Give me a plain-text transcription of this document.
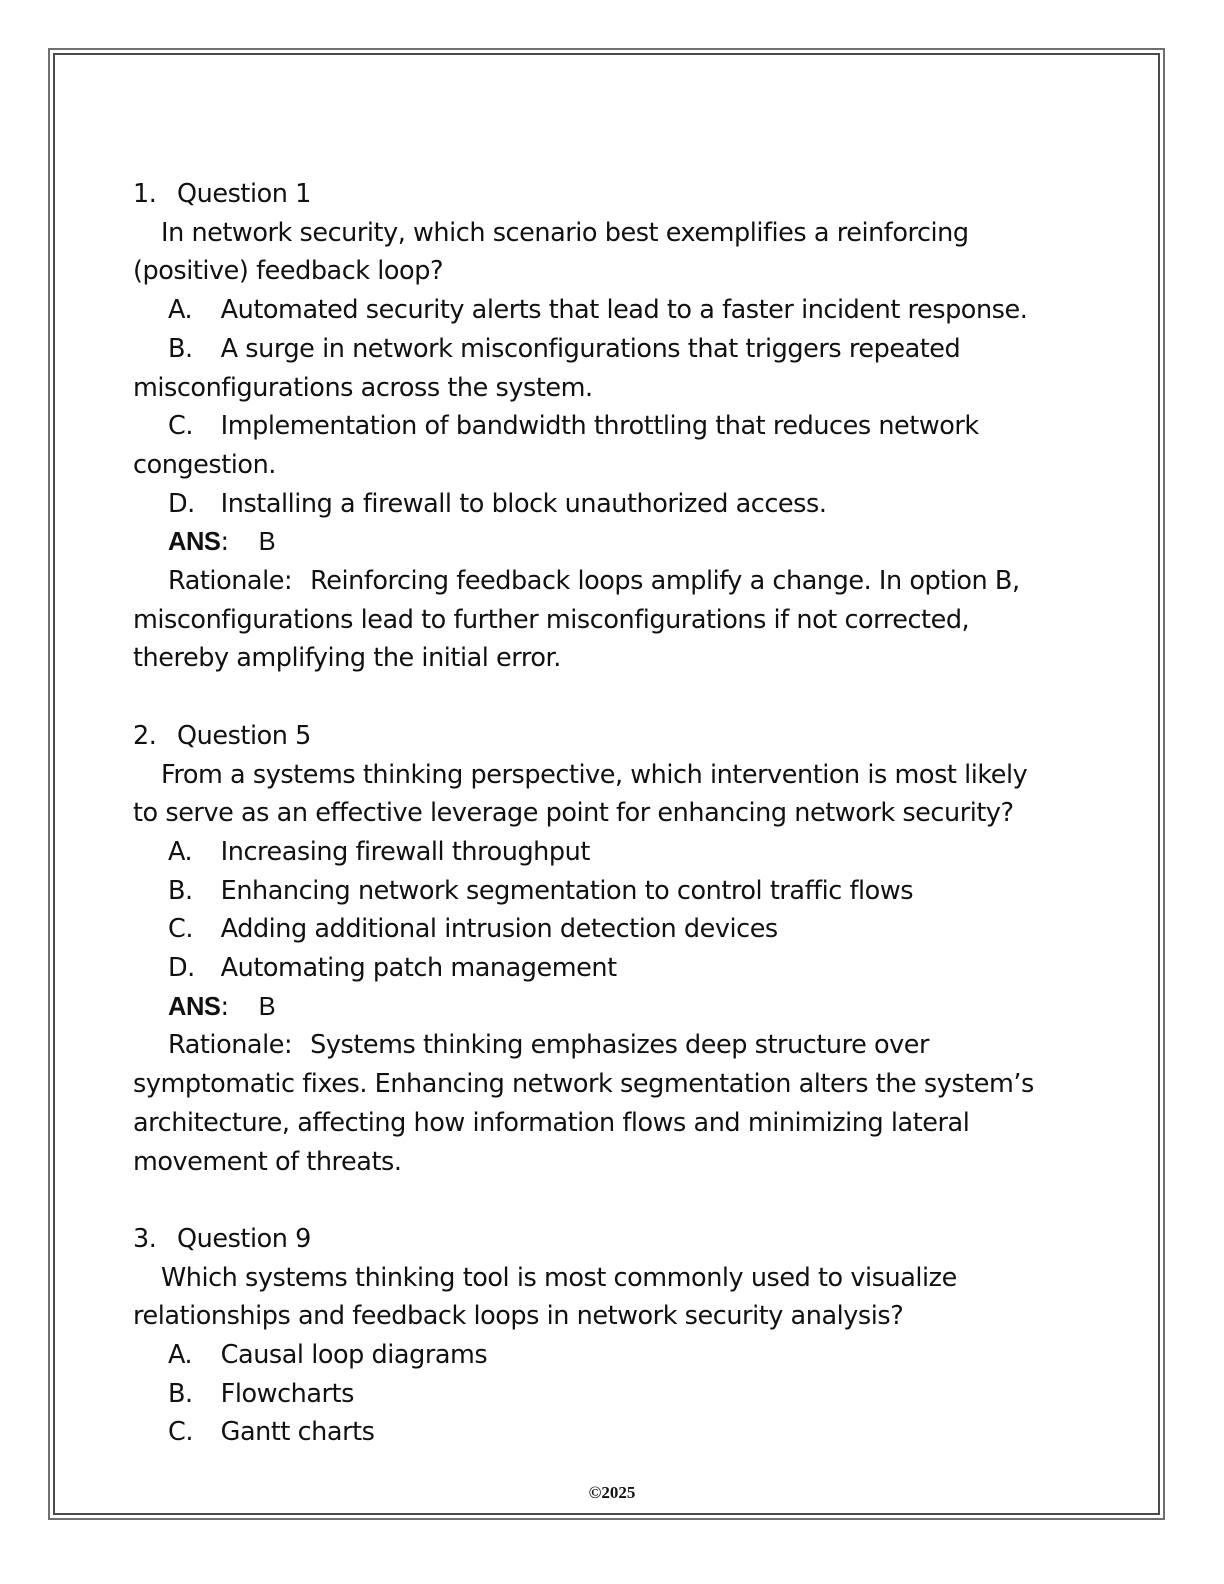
1. Question 1
In network security, which scenario best exemplifies a reinforcing
(positive) feedback loop?
A. Automated security alerts that lead to a faster incident response.
B. A surge in network misconfigurations that triggers repeated
misconfigurations across the system.
C. Implementation of bandwidth throttling that reduces network
congestion.
D. Installing a firewall to block unauthorized access.
ANS: B
Rationale: Reinforcing feedback loops amplify a change. In option B,
misconfigurations lead to further misconfigurations if not corrected,
thereby amplifying the initial error.
2. Question 5
From a systems thinking perspective, which intervention is most likely
to serve as an effective leverage point for enhancing network security?
A. Increasing firewall throughput
B. Enhancing network segmentation to control traffic flows
C. Adding additional intrusion detection devices
D. Automating patch management
ANS: B
Rationale: Systems thinking emphasizes deep structure over
symptomatic fixes. Enhancing network segmentation alters the system’s
architecture, affecting how information flows and minimizing lateral
movement of threats.
3. Question 9
Which systems thinking tool is most commonly used to visualize
relationships and feedback loops in network security analysis?
A. Causal loop diagrams
B. Flowcharts
C. Gantt charts
©2025
